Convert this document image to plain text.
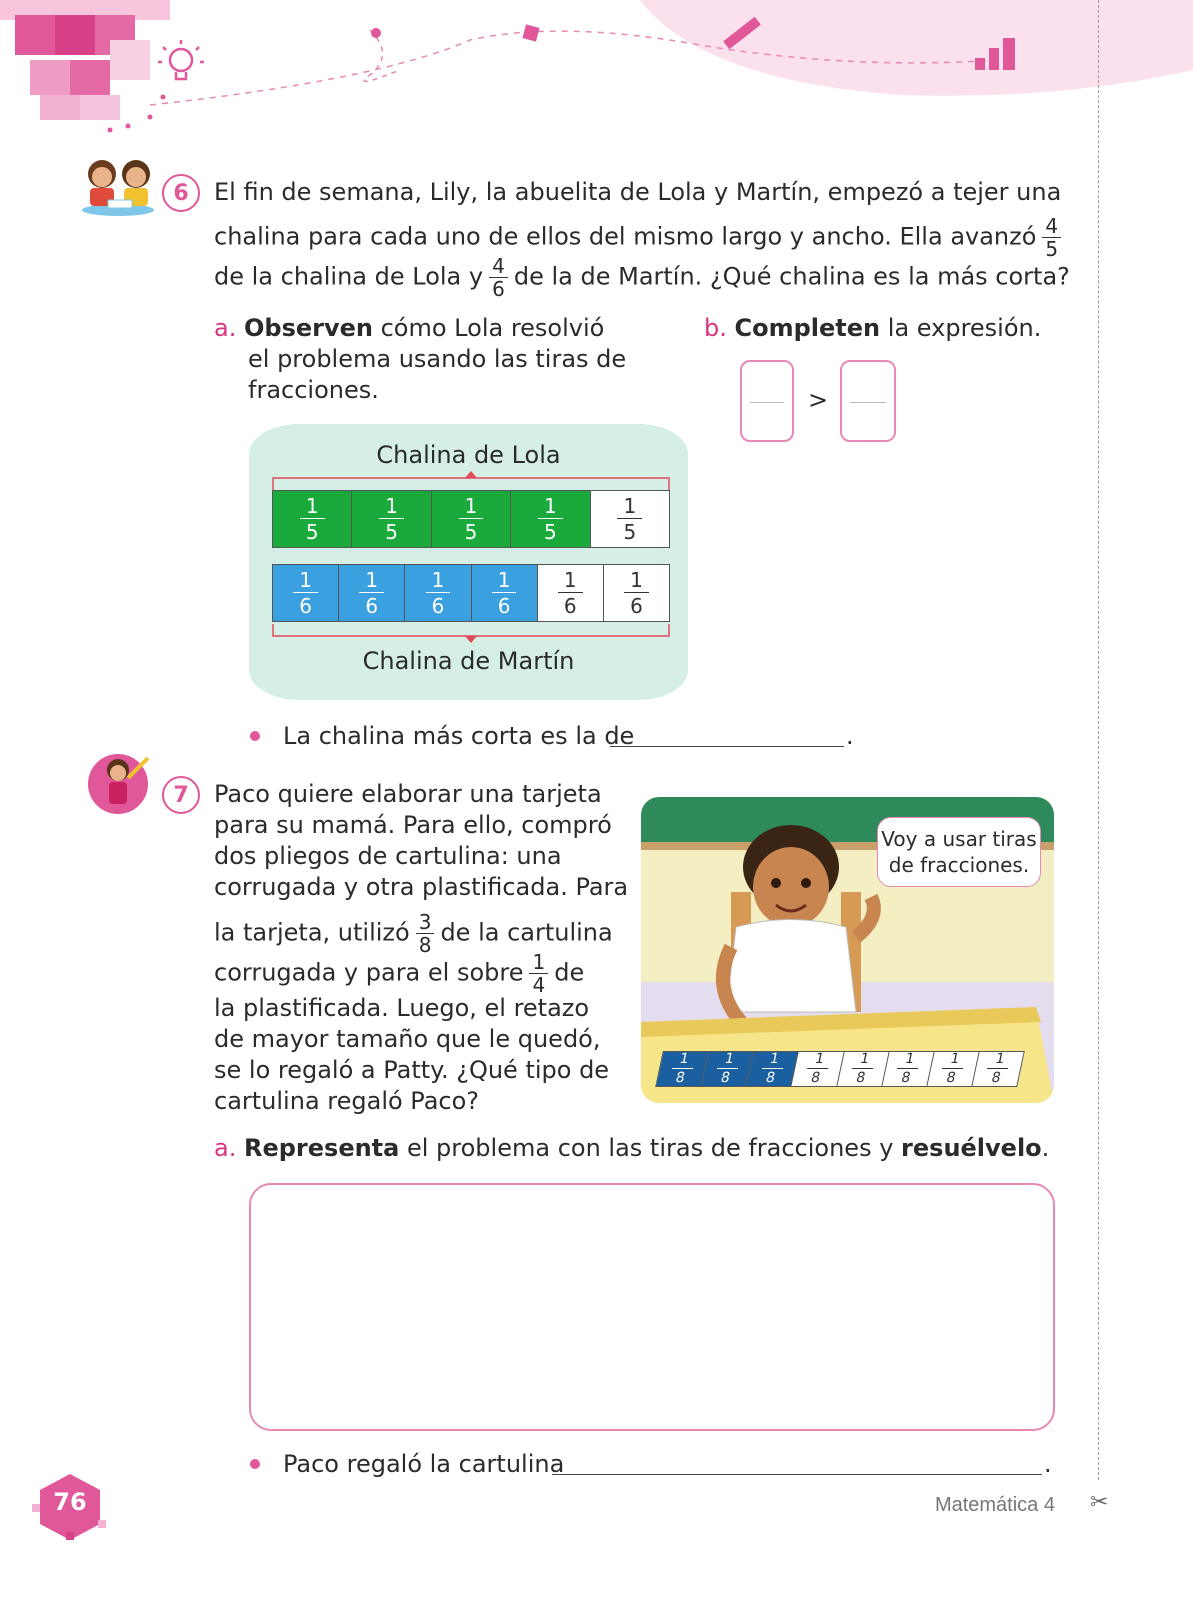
✂
6	El fin de semana, Lily, la abuelita de Lola y Martín, empezó a tejer una
chalina para cada uno de ellos del mismo largo y ancho. Ella avanzó $\frac{4}{5}$
de la chalina de Lola y $\frac{4}{6}$ de la de Martín. ¿Qué chalina es la más corta?
a. Observen cómo Lola resolvió
el problema usando las tiras de
fracciones.
b. Completen la expresión.
>
Chalina de Lola
1
5
1
5
1
5
1
5
1
5
1
6
1
6
1
6
1
6
1
6
1
6
Chalina de Martín
La chalina más corta es la de	.
7	Paco quiere elaborar una tarjeta
para su mamá. Para ello, compró
dos pliegos de cartulina: una
corrugada y otra plastificada. Para
la tarjeta, utilizó $\frac{3}{8}$ de la cartulina
corrugada y para el sobre $\frac{1}{4}$ de
la plastificada. Luego, el retazo
de mayor tamaño que le quedó,
se lo regaló a Patty. ¿Qué tipo de
cartulina regaló Paco?
Voy a usar tiras
de fracciones.
1
8
1
8
1
8
1
8
1
8
1
8
1
8
1
8
a. Representa el problema con las tiras de fracciones y resuélvelo.
Paco regaló la cartulina	.
76	Matemática 4
